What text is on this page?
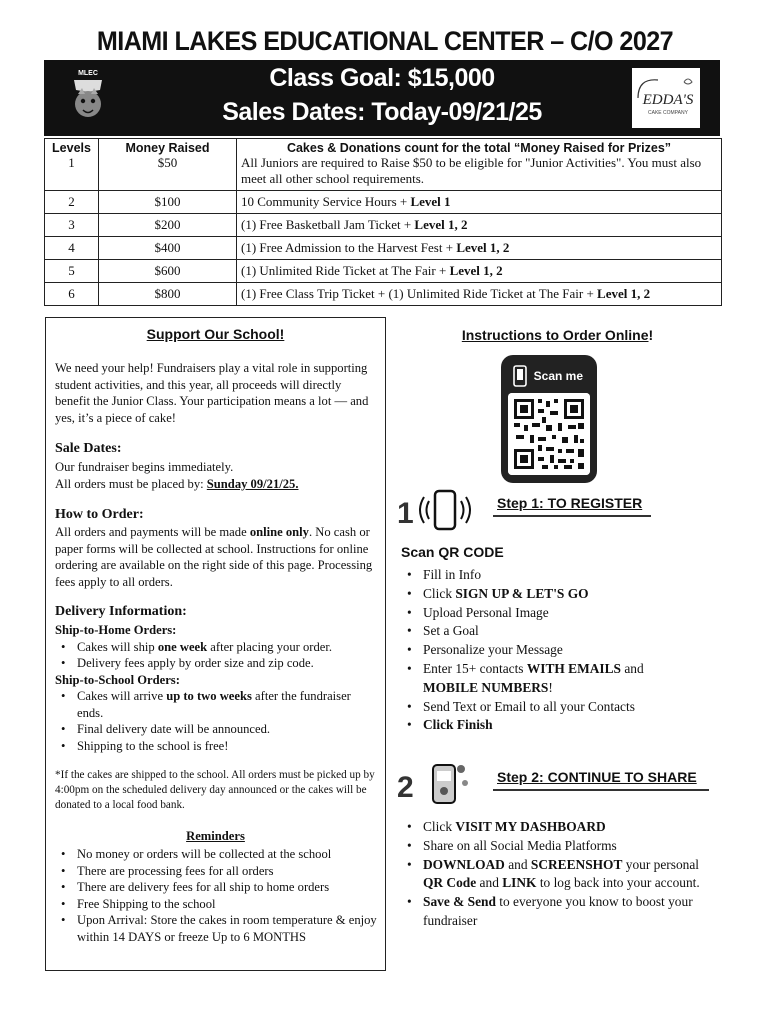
MIAMI LAKES EDUCATIONAL CENTER – C/O 2027
MLEC	Class Goal: $15,000
Sales Dates: Today-09/21/25	EDDA'S
CAKE COMPANY
Levels	Money Raised	Cakes & Donations count for the total “Money Raised for Prizes”
1	$50	All Juniors are required to Raise $50 to be eligible for "Junior Activities". You must also meet all other school requirements.
2	$100	10 Community Service Hours + Level 1
3	$200	(1) Free Basketball Jam Ticket + Level 1, 2
4	$400	(1) Free Admission to the Harvest Fest + Level 1, 2
5	$600	(1) Unlimited Ride Ticket at The Fair + Level 1, 2
6	$800	(1) Free Class Trip Ticket + (1) Unlimited Ride Ticket at The Fair + Level 1, 2
Support Our School!
We need your help! Fundraisers play a vital role in supporting student activities, and this year, all proceeds will directly benefit the Junior Class. Your participation means a lot — and yes, it’s a piece of cake!
Sale Dates:
Our fundraiser begins immediately.
All orders must be placed by: Sunday 09/21/25.
How to Order:
All orders and payments will be made online only. No cash or paper forms will be collected at school. Instructions for online ordering are available on the right side of this page. Processing fees apply to all orders.
Delivery Information:
Ship-to-Home Orders:
• Cakes will ship one week after placing your order.
• Delivery fees apply by order size and zip code.
Ship-to-School Orders:
• Cakes will arrive up to two weeks after the fundraiser ends.
• Final delivery date will be announced.
• Shipping to the school is free!
*If the cakes are shipped to the school. All orders must be picked up by 4:00pm on the scheduled delivery day announced or the cakes will be donated to a local food bank.
Reminders
• No money or orders will be collected at the school
• There are processing fees for all orders
• There are delivery fees for all ship to home orders
• Free Shipping to the school
• Upon Arrival: Store the cakes in room temperature & enjoy within 14 DAYS or freeze Up to 6 MONTHS
Instructions to Order Online!
Scan me
1	Step 1: TO REGISTER
Scan QR CODE
• Fill in Info
• Click SIGN UP & LET'S GO
• Upload Personal Image
• Set a Goal
• Personalize your Message
• Enter 15+ contacts WITH EMAILS and MOBILE NUMBERS!
• Send Text or Email to all your Contacts
• Click Finish
2	Step 2: CONTINUE TO SHARE
• Click VISIT MY DASHBOARD
• Share on all Social Media Platforms
• DOWNLOAD and SCREENSHOT your personal QR Code and LINK to log back into your account.
• Save & Send to everyone you know to boost your fundraiser
